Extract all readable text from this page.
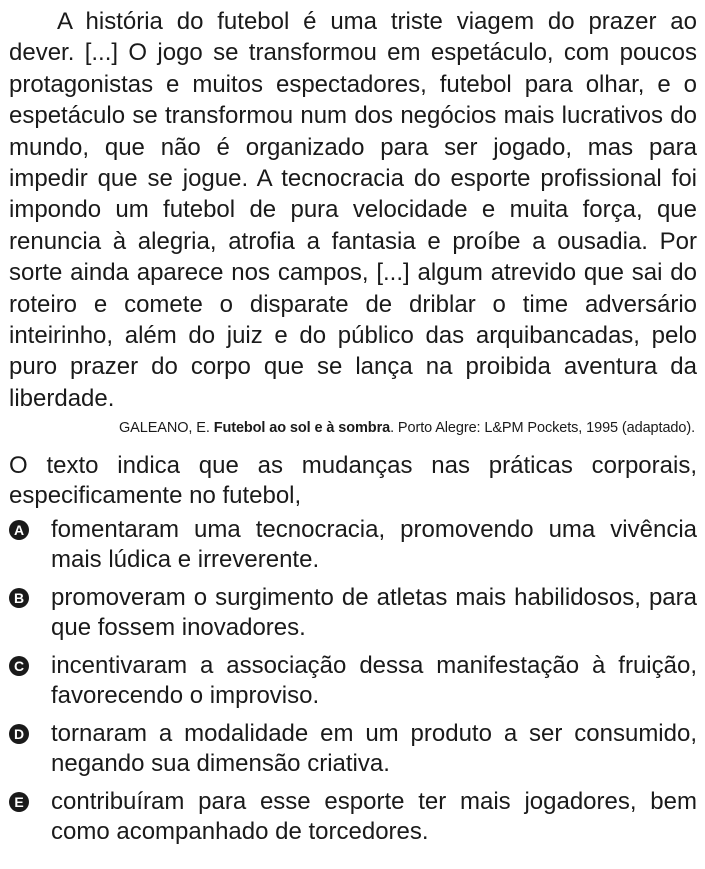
A história do futebol é uma triste viagem do prazer ao dever. [...] O jogo se transformou em espetáculo, com poucos protagonistas e muitos espectadores, futebol para olhar, e o espetáculo se transformou num dos negócios mais lucrativos do mundo, que não é organizado para ser jogado, mas para impedir que se jogue. A tecnocracia do esporte profissional foi impondo um futebol de pura velocidade e muita força, que renuncia à alegria, atrofia a fantasia e proíbe a ousadia. Por sorte ainda aparece nos campos, [...] algum atrevido que sai do roteiro e comete o disparate de driblar o time adversário inteirinho, além do juiz e do público das arquibancadas, pelo puro prazer do corpo que se lança na proibida aventura da liberdade.

GALEANO, E. Futebol ao sol e à sombra. Porto Alegre: L&PM Pockets, 1995 (adaptado).

O texto indica que as mudanças nas práticas corporais, especificamente no futebol,

A fomentaram uma tecnocracia, promovendo uma vivência mais lúdica e irreverente.
B promoveram o surgimento de atletas mais habilidosos, para que fossem inovadores.
C incentivaram a associação dessa manifestação à fruição, favorecendo o improviso.
D tornaram a modalidade em um produto a ser consumido, negando sua dimensão criativa.
E contribuíram para esse esporte ter mais jogadores, bem como acompanhado de torcedores.
